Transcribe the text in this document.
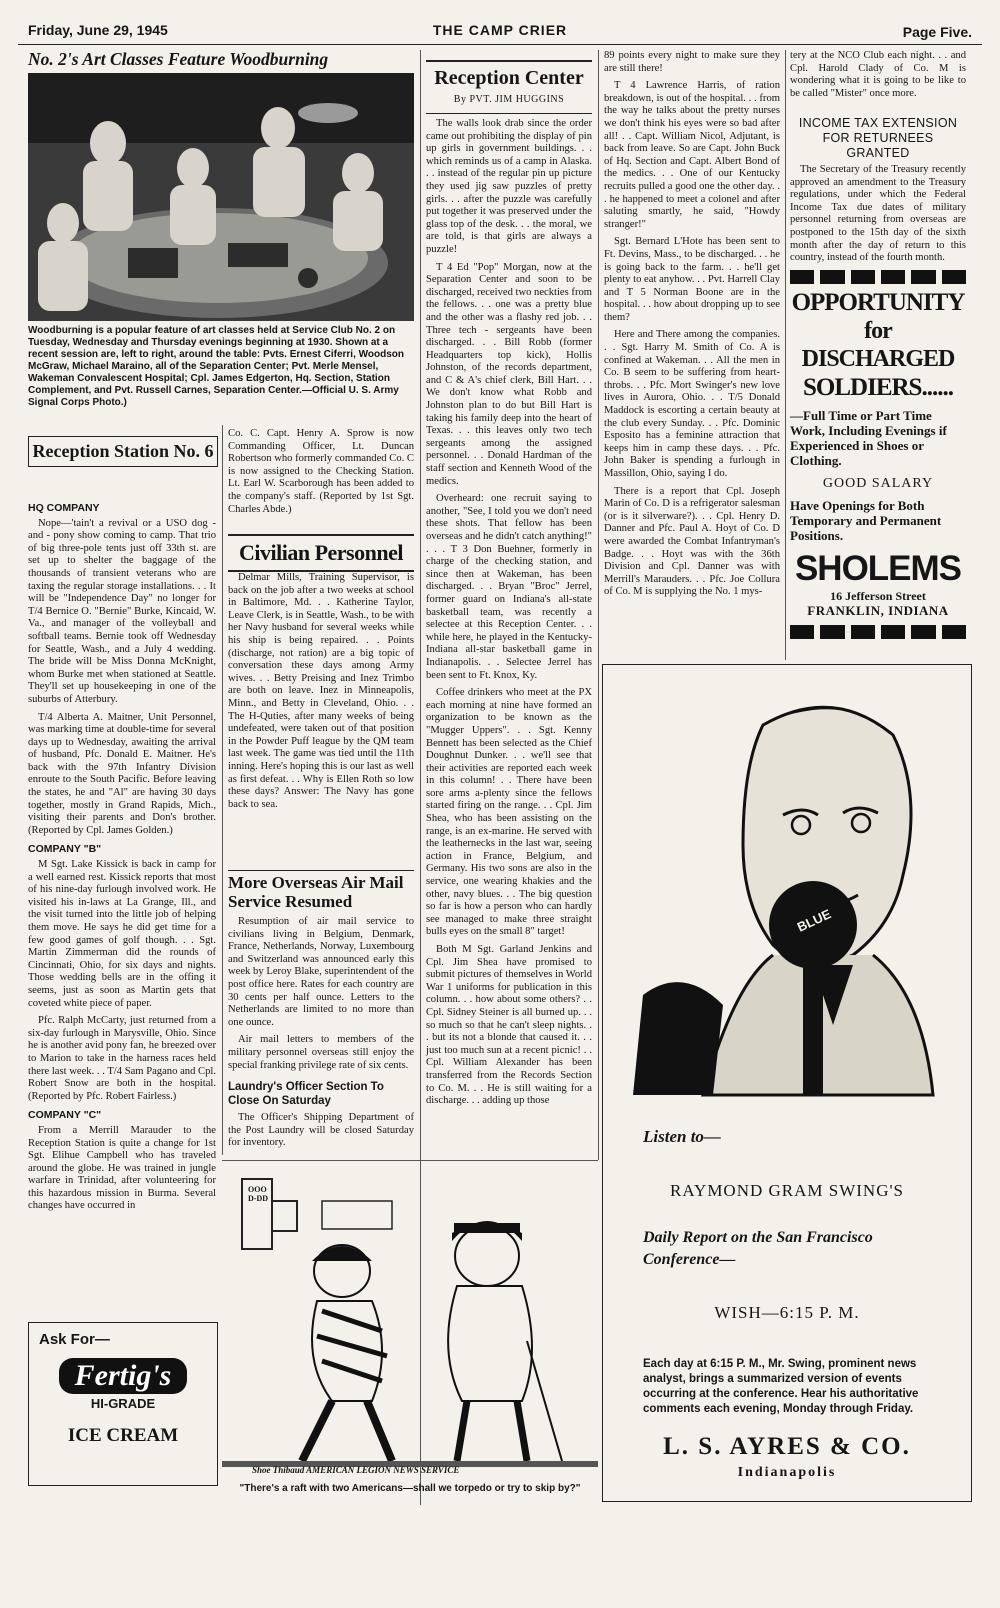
Friday, June 29, 1945	THE CAMP CRIER	Page Five.
No. 2's Art Classes Feature Woodburning
Woodburning is a popular feature of art classes held at Service Club No. 2 on Tuesday, Wednesday and Thursday evenings beginning at 1930. Shown at a recent session are, left to right, around the table: Pvts. Ernest Ciferri, Woodson McGraw, Michael Maraino, all of the Separation Center; Pvt. Merle Mensel, Wakeman Convalescent Hospital; Cpl. James Edgerton, Hq. Section, Station Complement, and Pvt. Russell Carnes, Separation Center.—Official U. S. Army Signal Corps Photo.)
Reception Station No. 6
HQ COMPANY

Nope—'tain't a revival or a USO dog - and - pony show coming to camp. That trio of big three-pole tents just off 33th st. are set up to shelter the baggage of the thousands of transient veterans who are taxing the regular storage installations. . . It will be "Independence Day" no longer for T/4 Bernice O. "Bernie" Burke, Kincaid, W. Va., and manager of the volleyball and softball teams. Bernie took off Wednesday for Seattle, Wash., and a July 4 wedding. The bride will be Miss Donna McKnight, whom Burke met when stationed at Seattle. They'll set up housekeeping in one of the suburbs of Atterbury.

T/4 Alberta A. Maitner, Unit Personnel, was marking time at double-time for several days up to Wednesday, awaiting the arrival of husband, Pfc. Donald E. Maitner. He's back with the 97th Infantry Division enroute to the South Pacific. Before leaving the states, he and "Al" are having 30 days together, mostly in Grand Rapids, Mich., visiting their parents and Don's brother. (Reported by Cpl. James Golden.)

COMPANY "B"

M Sgt. Lake Kissick is back in camp for a well earned rest. Kissick reports that most of his nine-day furlough involved work. He visited his in-laws at La Grange, Ill., and the visit turned into the little job of helping them move. He says he did get time for a few good games of golf though. . . Sgt. Martin Zimmerman did the rounds of Cincinnati, Ohio, for six days and nights. Those wedding bells are in the offing it seems, just as soon as Martin gets that coveted white piece of paper.

Pfc. Ralph McCarty, just returned from a six-day furlough in Marysville, Ohio. Since he is another avid pony fan, he breezed over to Marion to take in the harness races held there last week. . . T/4 Sam Pagano and Cpl. Robert Snow are both in the hospital. (Reported by Pfc. Robert Fairless.)

COMPANY "C"

From a Merrill Marauder to the Reception Station is quite a change for 1st Sgt. Elihue Campbell who has traveled around the globe. He was trained in jungle warfare in Trinidad, after volunteering for this hazardous mission in Burma. Several changes have occurred in

Ask For—
Fertig's
HI-GRADE
ICE CREAM

Co. C. Capt. Henry A. Sprow is now Commanding Officer, Lt. Duncan Robertson who formerly commanded Co. C is now assigned to the Checking Station. Lt. Earl W. Scarborough has been added to the company's staff. (Reported by 1st Sgt. Charles Abde.)

Civilian Personnel

Delmar Mills, Training Supervisor, is back on the job after a two weeks at school in Baltimore, Md. . . Katherine Taylor, Leave Clerk, is in Seattle, Wash., to be with her Navy husband for several weeks while his ship is being repaired. . . Points (discharge, not ration) are a big topic of conversation these days among Army wives. . . Betty Preising and Inez Trimbo are both on leave. Inez in Minneapolis, Minn., and Betty in Cleveland, Ohio. . . The H-Quties, after many weeks of being undefeated, were taken out of that position in the Powder Puff league by the QM team last week. The game was tied until the 11th inning. Here's hoping this is our last as well as first defeat. . . Why is Ellen Roth so low these days? Answer: The Navy has gone back to sea.

More Overseas Air Mail Service Resumed

Resumption of air mail service to civilians living in Belgium, Denmark, France, Netherlands, Norway, Luxembourg and Switzerland was announced early this week by Leroy Blake, superintendent of the post office here. Rates for each country are 30 cents per half ounce. Letters to the Netherlands are limited to no more than one ounce.

Air mail letters to members of the military personnel overseas still enjoy the special franking privilege rate of six cents.

Laundry's Officer Section To Close On Saturday

The Officer's Shipping Department of the Post Laundry will be closed Saturday for inventory.

OOO D-DD
Shoe Thibaud AMERICAN LEGION NEWS SERVICE
"There's a raft with two Americans—shall we torpedo or try to skip by?"
Reception Center
By PVT. JIM HUGGINS

The walls look drab since the order came out prohibiting the display of pin up girls in government buildings. . . which reminds us of a camp in Alaska. . . instead of the regular pin up picture they used jig saw puzzles of pretty girls. . . after the puzzle was carefully put together it was preserved under the glass top of the desk. . . the moral, we are told, is that girls are always a puzzle!

T 4 Ed "Pop" Morgan, now at the Separation Center and soon to be discharged, received two neckties from the fellows. . . one was a pretty blue and the other was a flashy red job. . . Three tech - sergeants have been discharged. . . Bill Robb (former Headquarters top kick), Hollis Johnston, of the records department, and C & A's chief clerk, Bill Hart. . . We don't know what Robb and Johnston plan to do but Bill Hart is taking his family deep into the heart of Texas. . . this leaves only two tech sergeants among the assigned personnel. . . Donald Hardman of the staff section and Kenneth Wood of the medics.

Overheard: one recruit saying to another, "See, I told you we don't need these shots. That fellow has been overseas and he didn't catch anything!" . . . T 3 Don Buehner, formerly in charge of the checking station, and since then at Wakeman, has been discharged. . . Bryan "Broc" Jerrel, former guard on Indiana's all-state basketball team, was recently a selectee at this Reception Center. . . while here, he played in the Kentucky-Indiana all-star basketball game in Indianapolis. . . Selectee Jerrel has been sent to Ft. Knox, Ky.

Coffee drinkers who meet at the PX each morning at nine have formed an organization to be known as the "Mugger Uppers". . . Sgt. Kenny Bennett has been selected as the Chief Doughnut Dunker. . . we'll see that their activities are reported each week in this column! . . There have been sore arms a-plenty since the fellows started firing on the range. . . Cpl. Jim Shea, who has been assisting on the range, is an ex-marine. He served with the leathernecks in the last war, seeing action in France, Belgium, and Germany. His two sons are also in the service, one wearing khakies and the other, navy blues. . . The big question so far is how a person who can hardly see managed to make three straight bulls eyes on the small 8" target!

Both M Sgt. Garland Jenkins and Cpl. Jim Shea have promised to submit pictures of themselves in World War 1 uniforms for publication in this column. . . how about some others? . . Cpl. Sidney Steiner is all burned up. . . so much so that he can't sleep nights. . . but its not a blonde that caused it. . . just too much sun at a recent picnic! . . Cpl. William Alexander has been transferred from the Records Section to Co. M. . . He is still waiting for a discharge. . . adding up those

89 points every night to make sure they are still there!

T 4 Lawrence Harris, of ration breakdown, is out of the hospital. . . from the way he talks about the pretty nurses we don't think his eyes were so bad after all! . . Capt. William Nicol, Adjutant, is back from leave. So are Capt. John Buck of Hq. Section and Capt. Albert Bond of the medics. . . One of our Kentucky recruits pulled a good one the other day. . . he happened to meet a colonel and after saluting smartly, he said, "Howdy stranger!"

Sgt. Bernard L'Hote has been sent to Ft. Devins, Mass., to be discharged. . . he is going back to the farm. . . he'll get plenty to eat anyhow. . . Pvt. Harrell Clay and T 5 Norman Boone are in the hospital. . . how about dropping up to see them?

Here and There among the companies. . . Sgt. Harry M. Smith of Co. A is confined at Wakeman. . . All the men in Co. B seem to be suffering from heart-throbs. . . Pfc. Mort Swinger's new love lives in Aurora, Ohio. . . T/5 Donald Maddock is escorting a certain beauty at the club every Sunday. . . Pfc. Dominic Esposito has a feminine attraction that keeps him in camp these days. . . Pfc. John Baker is spending a furlough in Massillon, Ohio, saying I do.

There is a report that Cpl. Joseph Marin of Co. D is a refrigerator salesman (or is it silverware?). . . Cpl. Henry D. Danner and Pfc. Paul A. Hoyt of Co. D were awarded the Combat Infantryman's Badge. . . Hoyt was with the 36th Division and Cpl. Danner was with Merrill's Marauders. . . Pfc. Joe Collura of Co. M is supplying the No. 1 mys-

tery at the NCO Club each night. . . and Cpl. Harold Clady of Co. M is wondering what it is going to be like to be called "Mister" once more.

INCOME TAX EXTENSION FOR RETURNEES GRANTED

The Secretary of the Treasury recently approved an amendment to the Treasury regulations, under which the Federal Income Tax due dates of military personnel returning from overseas are postponed to the 15th day of the sixth month after the day of return to this country, instead of the fourth month.

OPPORTUNITY
for DISCHARGED
SOLDIERS......
—Full Time or Part Time Work, Including Evenings if Experienced in Shoes or Clothing.
GOOD SALARY
Have Openings for Both Temporary and Permanent Positions.
SHOLEMS
16 Jefferson Street
FRANKLIN, INDIANA
BLUE
Listen to—
RAYMOND GRAM SWING'S
Daily Report on the San Francisco Conference—
WISH—6:15 P. M.
Each day at 6:15 P. M., Mr. Swing, prominent news analyst, brings a summarized version of events occurring at the conference. Hear his authoritative comments each evening, Monday through Friday.
L. S. AYRES & CO.
Indianapolis
